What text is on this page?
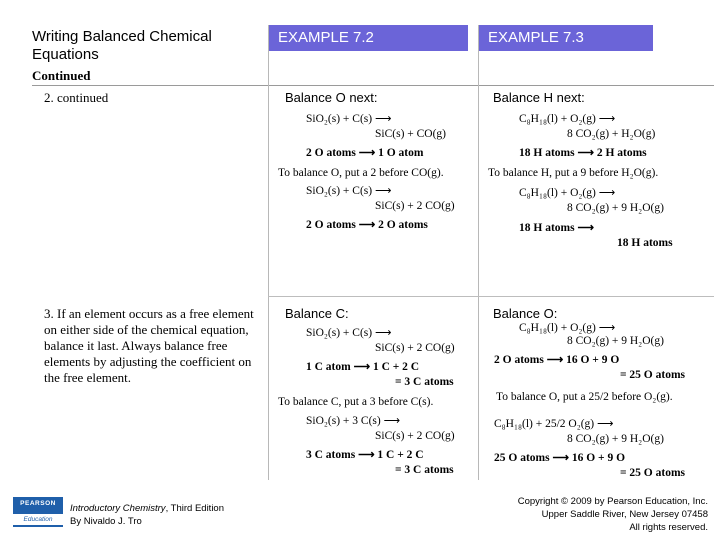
Writing Balanced Chemical Equations
EXAMPLE 7.2	EXAMPLE 7.3
Continued
2. continued
3. If an element occurs as a free element on either side of the chemical equation, balance it last. Always balance free elements by adjusting the coefficient on the free element.
Balance O next:
SiO₂(s) + C(s) ⟶
Si​C(s) + CO(g)
2 O atoms ⟶ 1 O atom
To balance O, put a 2 before CO(g).
SiO₂(s) + C(s) ⟶
Si​C(s) + 2 CO(g)
2 O atoms ⟶ 2 O atoms
Balance H next:
C₈H₁₈(l) + O₂(g) ⟶
8 CO₂(g) + H₂O(g)
18 H atoms ⟶ 2 H atoms
To balance H, put a 9 before H₂O(g).
C₈H₁₈(l) + O₂(g) ⟶
8 CO₂(g) + 9 H₂O(g)
18 H atoms ⟶
18 H atoms
Balance C:
SiO₂(s) + C(s) ⟶
Si​C(s) + 2 CO(g)
1 C atom ⟶ 1 C + 2 C
= 3 C atoms
To balance C, put a 3 before C(s).
SiO₂(s) + 3 C(s) ⟶
Si​C(s) + 2 CO(g)
3 C atoms ⟶ 1 C + 2 C
= 3 C atoms
Balance O:
C₈H₁₈(l) + O₂(g) ⟶
8 CO₂(g) + 9 H₂O(g)
2 O atoms ⟶ 16 O + 9 O
= 25 O atoms
To balance O, put a 25/2 before O₂(g).
C₈H₁₈(l) + 25/2 O₂(g) ⟶
8 CO₂(g) + 9 H₂O(g)
25 O atoms ⟶ 16 O + 9 O
= 25 O atoms
PEARSON
Education
Introductory Chemistry, Third Edition
By Nivaldo J. Tro
Copyright © 2009 by Pearson Education, Inc.
Upper Saddle River, New Jersey 07458
All rights reserved.
